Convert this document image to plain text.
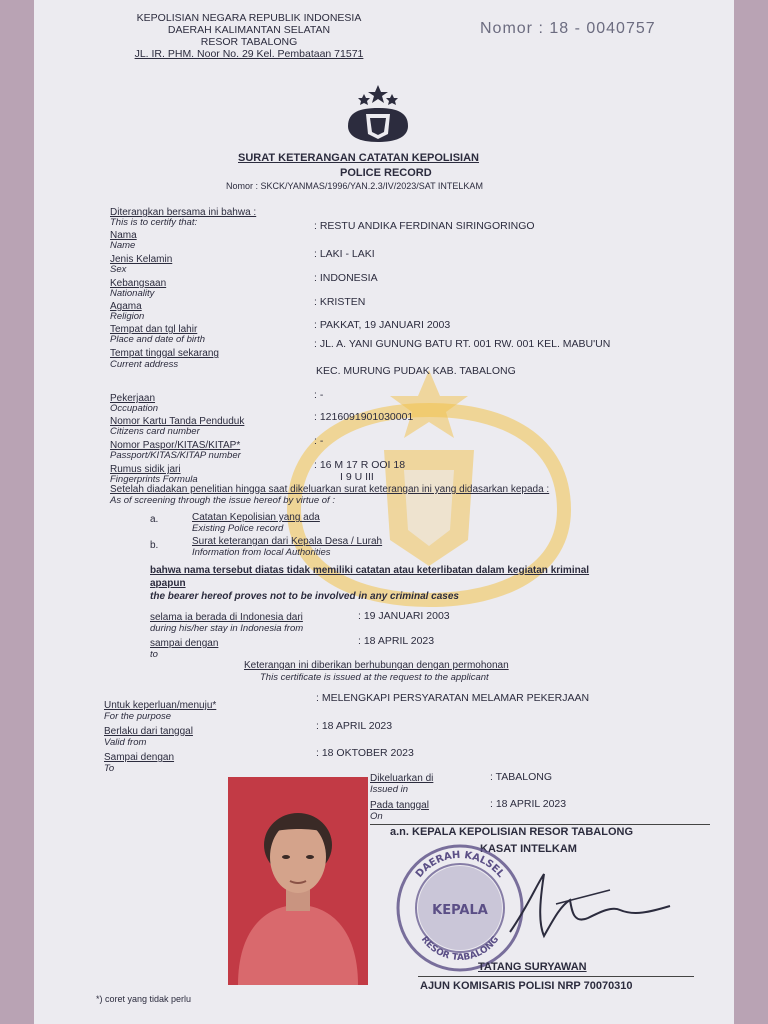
KEPOLISIAN NEGARA REPUBLIK INDONESIA
DAERAH KALIMANTAN SELATAN
RESOR TABALONG
JL. IR. PHM. Noor No. 29 Kel. Pembataan 71571
Nomor : 18 - 0040757
SURAT KETERANGAN CATATAN KEPOLISIAN
POLICE RECORD
Nomor : SKCK/YANMAS/1996/YAN.2.3/IV/2023/SAT INTELKAM
Diterangkan bersama ini bahwa :
This is to certify that:
Nama
Name
: RESTU ANDIKA FERDINAN SIRINGORINGO
Jenis Kelamin
Sex
: LAKI - LAKI
Kebangsaan
Nationality
: INDONESIA
Agama
Religion
: KRISTEN
Tempat dan tgl lahir
Place and date of birth
: PAKKAT, 19 JANUARI 2003
Tempat tinggal sekarang
Current address
: JL. A. YANI GUNUNG BATU RT. 001 RW. 001 KEL. MABU'UN
KEC. MURUNG PUDAK KAB. TABALONG
Pekerjaan
Occupation
: -
Nomor Kartu Tanda Penduduk
Citizens card number
: 1216091901030001
Nomor Paspor/KITAS/KITAP*
Passport/KITAS/KITAP number
: -
Rumus sidik jari
Fingerprints Formula
: 16 M 17 R OOI 18
I 9 U III
Setelah diadakan penelitian hingga saat dikeluarkan surat keterangan ini yang didasarkan kepada :
As of screening through the issue hereof by virtue of :
a.	Catatan Kepolisian yang ada
Existing Police record
b.	Surat keterangan dari Kepala Desa / Lurah
Information from local Authorities
bahwa nama tersebut diatas tidak memiliki catatan atau keterlibatan dalam kegiatan kriminal
apapun
the bearer hereof proves not to be involved in any criminal cases
selama ia berada di Indonesia dari
during his/her stay in Indonesia from
: 19 JANUARI 2003
sampai dengan
to
: 18 APRIL 2023
Keterangan ini diberikan berhubungan dengan permohonan
This certificate is issued at the request to the applicant
Untuk keperluan/menuju*
For the purpose
: MELENGKAPI PERSYARATAN MELAMAR PEKERJAAN
Berlaku dari tanggal
Valid from
: 18 APRIL 2023
Sampai dengan
To
: 18 OKTOBER 2023
Dikeluarkan di
Issued in
: TABALONG
Pada tanggal
On
: 18 APRIL 2023
a.n. KEPALA KEPOLISIAN RESOR TABALONG
KASAT INTELKAM
DAERAH KALSEL
KEPALA
RESOR TABALONG
TATANG SURYAWAN
AJUN KOMISARIS POLISI NRP 70070310
*) coret yang tidak perlu
